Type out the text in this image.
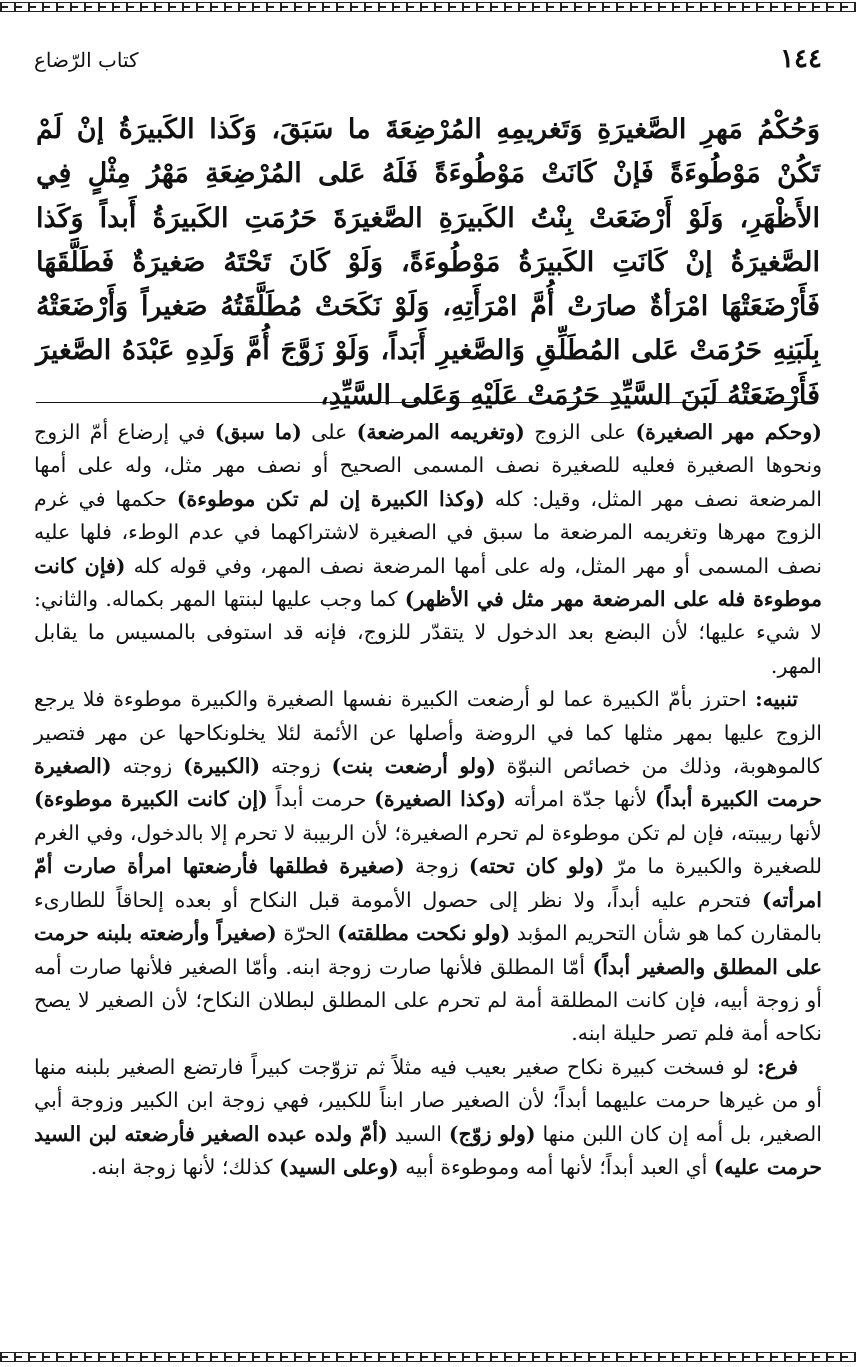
١٤٤
كتاب الرّضاع
وَحُكْمُ مَهرِ الصَّغيرَةِ وَتَغريمِهِ المُرْضِعَةَ ما سَبَقَ، وَكَذا الكَبيرَةُ إنْ لَمْ تَكُنْ مَوْطُوءَةً فَإنْ كَانَتْ مَوْطُوءَةً فَلَهُ عَلى المُرْضِعَةِ مَهْرُ مِثْلٍ فِي الأَظْهَرِ، وَلَوْ أَرْضَعَتْ بِنْتُ الكَبيرَةِ الصَّغيرَةَ حَرُمَتِ الكَبيرَةُ أَبداً وَكَذا الصَّغيرَةُ إنْ كَانَتِ الكَبيرَةُ مَوْطُوءَةً، وَلَوْ كَانَ تَحْتَهُ صَغيرَةٌ فَطَلَّقَهَا فَأَرْضَعَتْهَا امْرَأةٌ صارَتْ أُمَّ امْرَأَتِهِ، وَلَوْ نَكَحَتْ مُطَلَّقَتُهُ صَغيراً وَأَرْضَعَتْهُ بِلَبَنِهِ حَرُمَتْ عَلى المُطَلِّقِ وَالصَّغيرِ أَبَداً، وَلَوْ زَوَّجَ أُمَّ وَلَدِهِ عَبْدَهُ الصَّغيرَ فَأَرْضَعَتْهُ لَبَنَ السَّيِّدِ حَرُمَتْ عَلَيْهِ وَعَلى السَّيِّدِ،

(وحكم مهر الصغيرة) على الزوج (وتغريمه المرضعة) على (ما سبق) في إرضاع أمّ الزوج ونحوها الصغيرة فعليه للصغيرة نصف المسمى الصحيح أو نصف مهر مثل، وله على أمها المرضعة نصف مهر المثل، وقيل: كله (وكذا الكبيرة إن لم تكن موطوءة) حكمها في غرم الزوج مهرها وتغريمه المرضعة ما سبق في الصغيرة لاشتراكهما في عدم الوطء، فلها عليه نصف المسمى أو مهر المثل، وله على أمها المرضعة نصف المهر، وفي قوله كله (فإن كانت موطوءة فله على المرضعة مهر مثل في الأظهر) كما وجب عليها لبنتها المهر بكماله. والثاني: لا شيء عليها؛ لأن البضع بعد الدخول لا يتقدّر للزوج، فإنه قد استوفى بالمسيس ما يقابل المهر.

تنبيه: احترز بأمّ الكبيرة عما لو أرضعت الكبيرة نفسها الصغيرة والكبيرة موطوءة فلا يرجع الزوج عليها بمهر مثلها كما في الروضة وأصلها عن الأئمة لئلا يخلونكاحها عن مهر فتصير كالموهوبة، وذلك من خصائص النبوّة (ولو أرضعت بنت) زوجته (الكبيرة) زوجته (الصغيرة حرمت الكبيرة أبداً) لأنها جدّة امرأته (وكذا الصغيرة) حرمت أبداً (إن كانت الكبيرة موطوءة) لأنها ربيبته، فإن لم تكن موطوءة لم تحرم الصغيرة؛ لأن الربيبة لا تحرم إلا بالدخول، وفي الغرم للصغيرة والكبيرة ما مرّ (ولو كان تحته) زوجة (صغيرة فطلقها فأرضعتها امرأة صارت أمّ امرأته) فتحرم عليه أبداً، ولا نظر إلى حصول الأمومة قبل النكاح أو بعده إلحاقاً للطارىء بالمقارن كما هو شأن التحريم المؤبد (ولو نكحت مطلقته) الحرّة (صغيراً وأرضعته بلبنه حرمت على المطلق والصغير أبداً) أمّا المطلق فلأنها صارت زوجة ابنه. وأمّا الصغير فلأنها صارت أمه أو زوجة أبيه، فإن كانت المطلقة أمة لم تحرم على المطلق لبطلان النكاح؛ لأن الصغير لا يصح نكاحه أمة فلم تصر حليلة ابنه.

فرع: لو فسخت كبيرة نكاح صغير بعيب فيه مثلاً ثم تزوّجت كبيراً فارتضع الصغير بلبنه منها أو من غيرها حرمت عليهما أبداً؛ لأن الصغير صار ابناً للكبير، فهي زوجة ابن الكبير وزوجة أبي الصغير، بل أمه إن كان اللبن منها (ولو زوّج) السيد (أمّ ولده عبده الصغير فأرضعته لبن السيد حرمت عليه) أي العبد أبداً؛ لأنها أمه وموطوءة أبيه (وعلى السيد) كذلك؛ لأنها زوجة ابنه.
